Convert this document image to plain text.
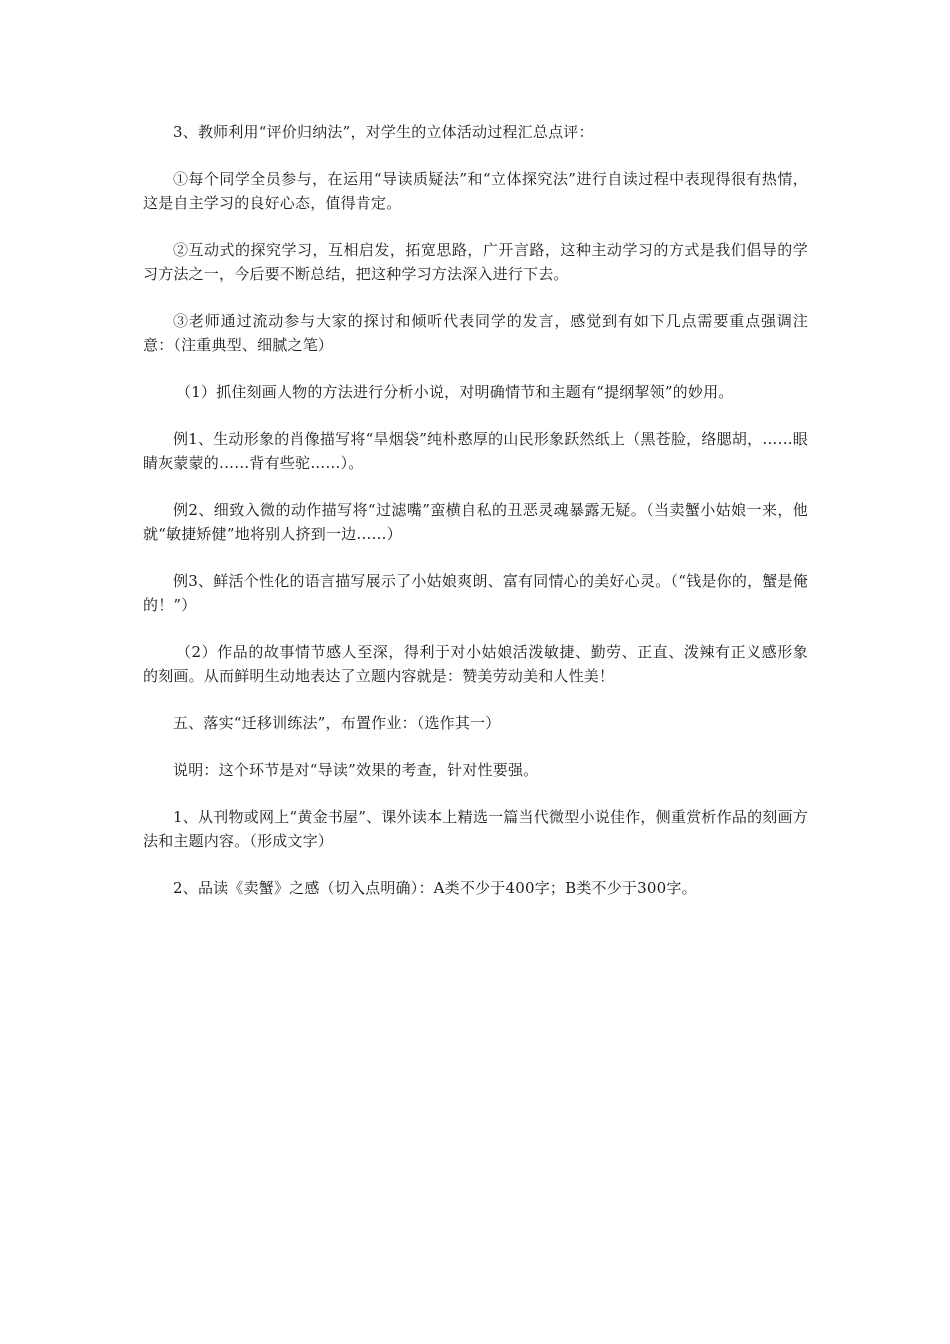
3、教师利用“评价归纳法”，对学生的立体活动过程汇总点评：

①每个同学全员参与，在运用“导读质疑法”和“立体探究法”进行自读过程中表现得很有热情，这是自主学习的良好心态，值得肯定。

②互动式的探究学习，互相启发，拓宽思路，广开言路，这种主动学习的方式是我们倡导的学习方法之一，今后要不断总结，把这种学习方法深入进行下去。

③老师通过流动参与大家的探讨和倾听代表同学的发言，感觉到有如下几点需要重点强调注意：（注重典型、细腻之笔）

（1）抓住刻画人物的方法进行分析小说，对明确情节和主题有“提纲挈领”的妙用。

例1、生动形象的肖像描写将“旱烟袋”纯朴憨厚的山民形象跃然纸上（黑苍脸，络腮胡，……眼睛灰蒙蒙的……背有些驼……）。

例2、细致入微的动作描写将“过滤嘴”蛮横自私的丑恶灵魂暴露无疑。（当卖蟹小姑娘一来，他就“敏捷矫健”地将别人挤到一边……）

例3、鲜活个性化的语言描写展示了小姑娘爽朗、富有同情心的美好心灵。（“钱是你的，蟹是俺的！”）

（2）作品的故事情节感人至深，得利于对小姑娘活泼敏捷、勤劳、正直、泼辣有正义感形象的刻画。从而鲜明生动地表达了立题内容就是：赞美劳动美和人性美！

五、落实“迁移训练法”，布置作业：（选作其一）

说明：这个环节是对“导读”效果的考查，针对性要强。

1、从刊物或网上“黄金书屋”、课外读本上精选一篇当代微型小说佳作，侧重赏析作品的刻画方法和主题内容。（形成文字）

2、品读《卖蟹》之感（切入点明确）：A类不少于400字；B类不少于300字。
